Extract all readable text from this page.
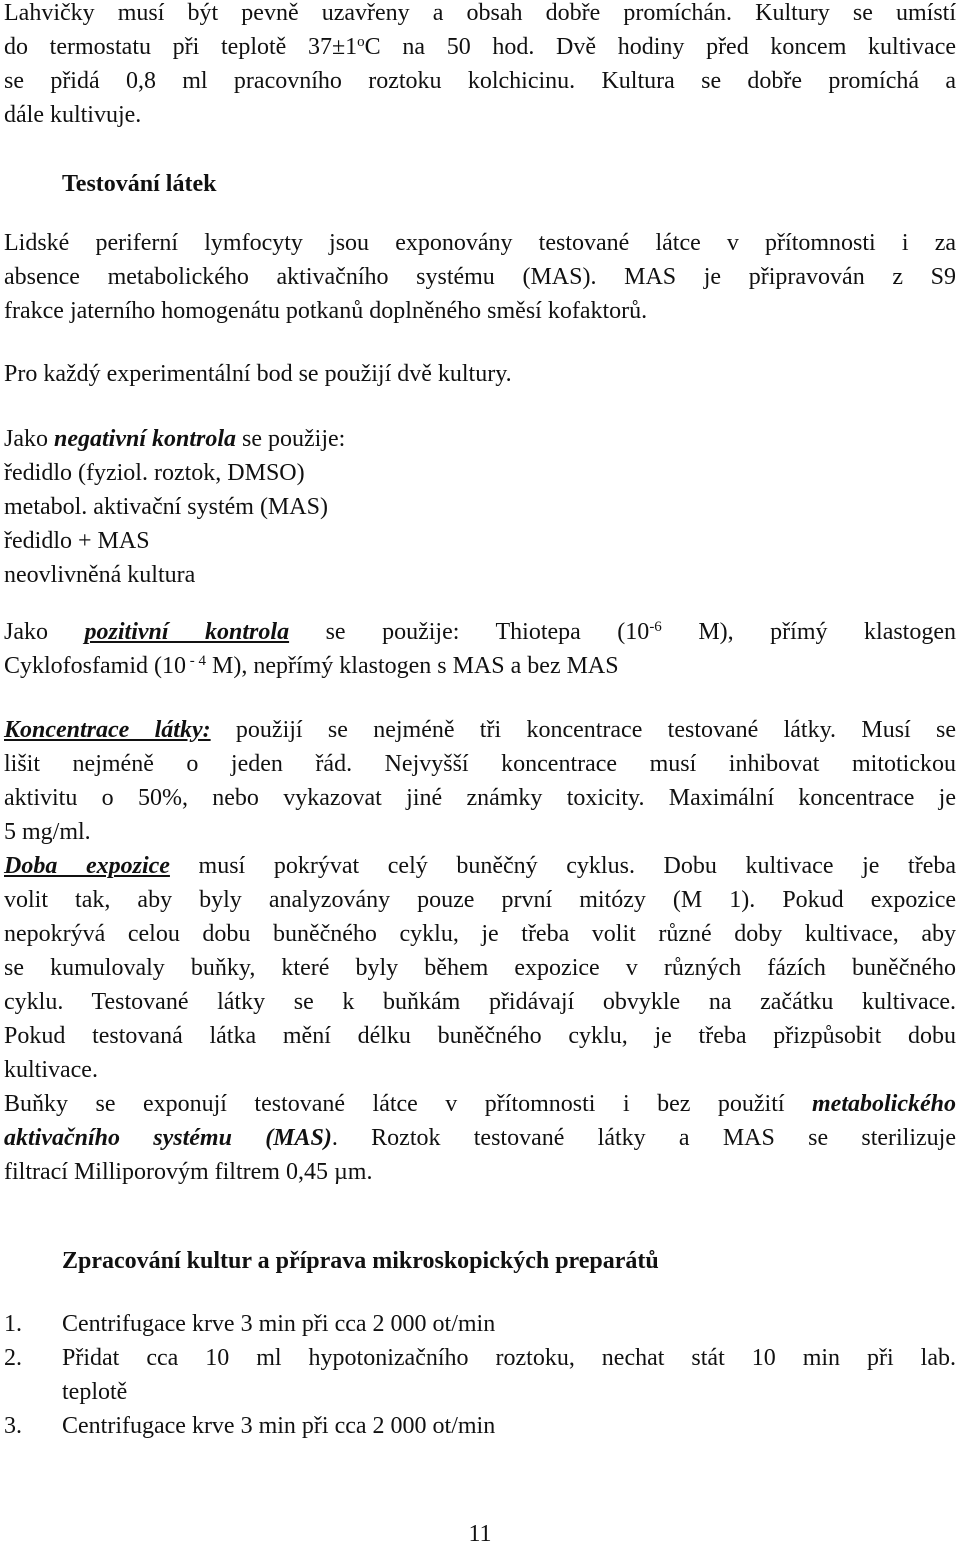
Lahvičky musí být pevně uzavřeny a obsah dobře promíchán. Kultury se umístí
do termostatu při teplotě $37\pm 1^oC$ na 50 hod. Dvě hodiny před koncem kultivace
se přidá 0,8 ml pracovního roztoku kolchicinu. Kultura se dobře promíchá a
dále kultivuje.
Testování látek
Lidské periferní lymfocyty jsou exponovány testované látce v přítomnosti i za
absence metabolického aktivačního systému (MAS). MAS je připravován z S9
frakce jaterního homogenátu potkanů doplněného směsí kofaktorů.
Pro každý experimentální bod se použijí dvě kultury.
Jako negativní kontrola se použije:
ředidlo (fyziol. roztok, DMSO)
metabol. aktivační systém (MAS)
ředidlo + MAS
neovlivněná kultura
Jako pozitivní kontrola se použije: Thiotepa ($10^{-6}$ M), přímý klastogen
Cyklofosfamid (10 $^{- 4}$ M), nepřímý klastogen s MAS a bez MAS
Koncentrace látky: použijí se nejméně tři koncentrace testované látky. Musí se
lišit nejméně o jeden řád. Nejvyšší koncentrace musí inhibovat mitotickou
aktivitu o 50%, nebo vykazovat jiné známky toxicity. Maximální koncentrace je
5 mg/ml.
Doba expozice musí pokrývat celý buněčný cyklus. Dobu kultivace je třeba
volit tak, aby byly analyzovány pouze první mitózy (M 1). Pokud expozice
nepokrývá celou dobu buněčného cyklu, je třeba volit různé doby kultivace, aby
se kumulovaly buňky, které byly během expozice v různých fázích buněčného
cyklu. Testované látky se k buňkám přidávají obvykle na začátku kultivace.
Pokud testovaná látka mění délku buněčného cyklu, je třeba přizpůsobit dobu
kultivace.
Buňky se exponují testované látce v přítomnosti i bez použití metabolického
aktivačního systému (MAS). Roztok testované látky a MAS se sterilizuje
filtrací Milliporovým filtrem 0,45 µm.
Zpracování kultur a příprava mikroskopických preparátů
1.	Centrifugace krve 3 min při cca 2 000 ot/min
2.	Přidat cca 10 ml hypotonizačního roztoku, nechat stát 10 min při lab.
teplotě
3.	Centrifugace krve 3 min při cca 2 000 ot/min
11
